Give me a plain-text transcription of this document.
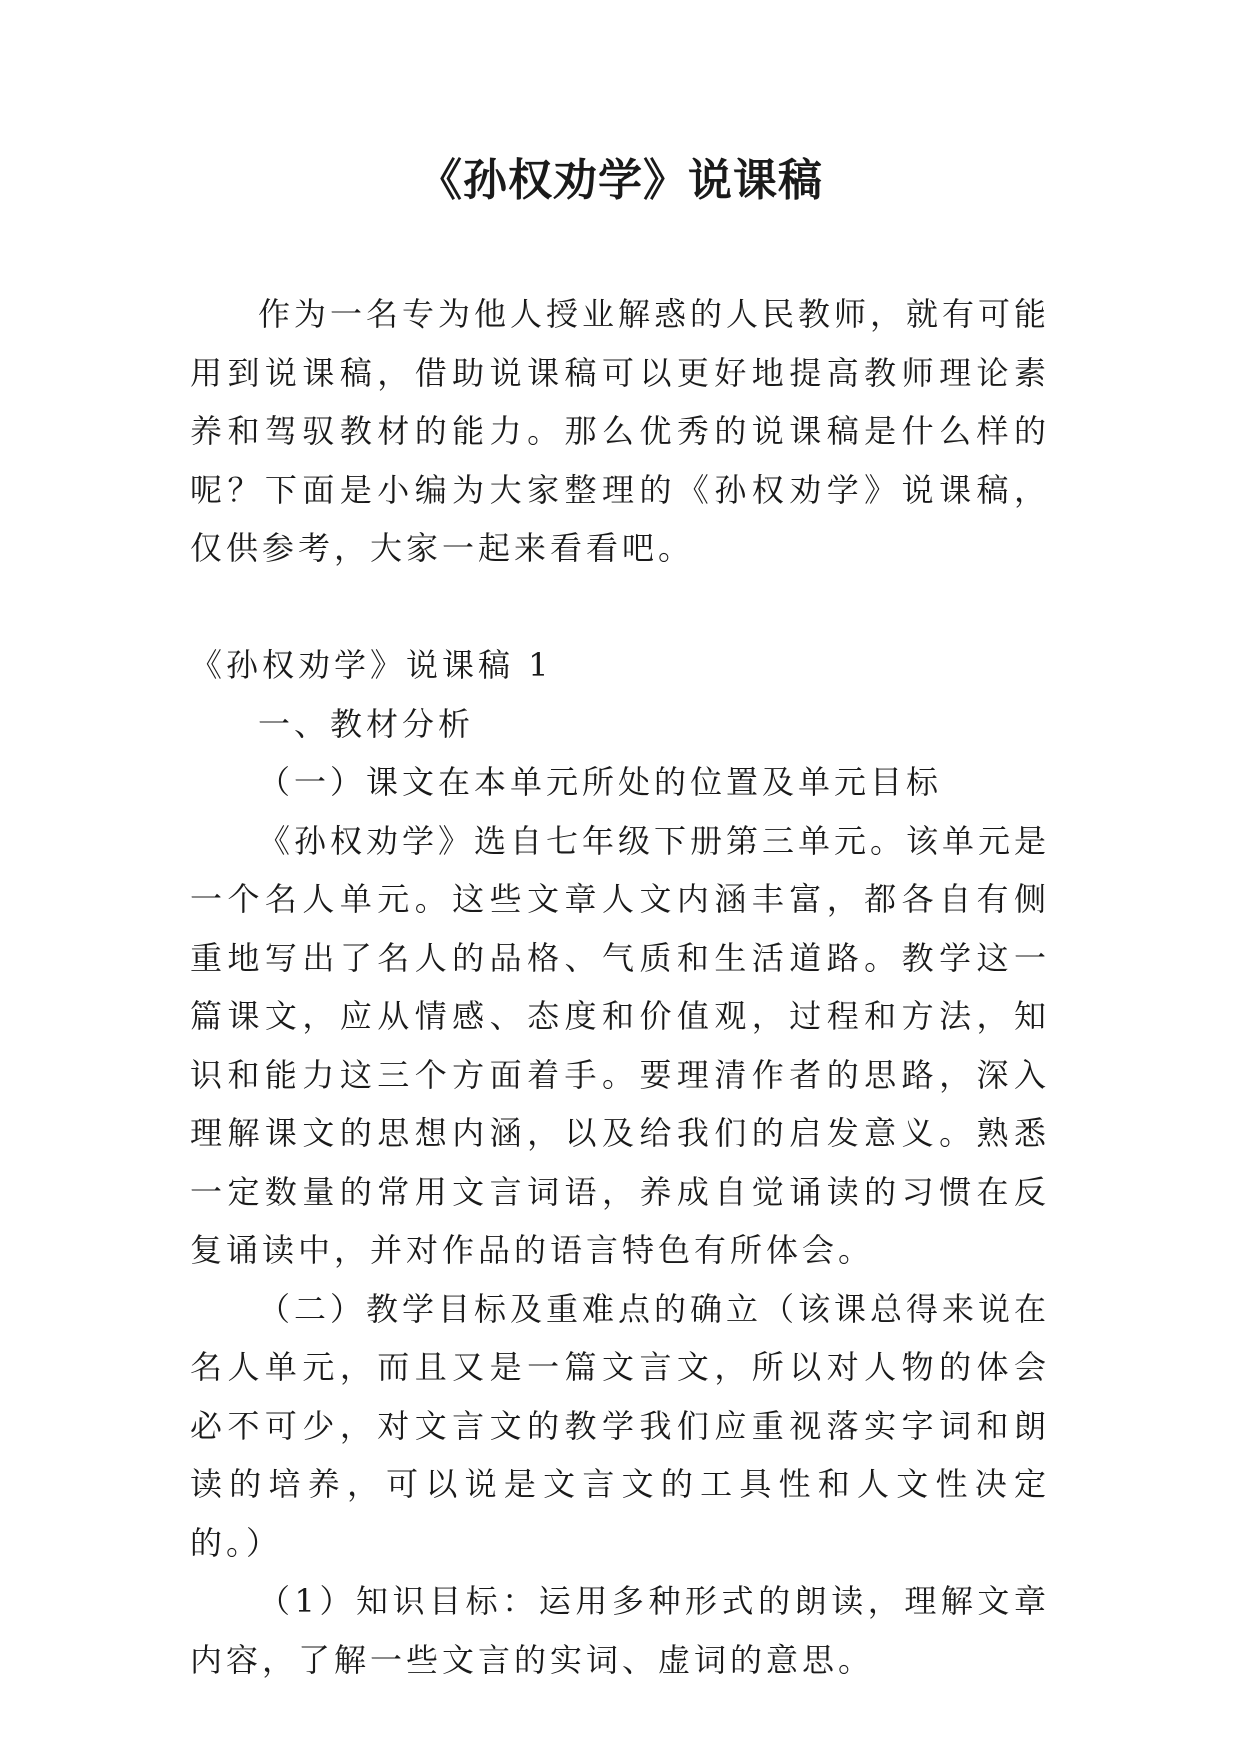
《孙权劝学》说课稿

作为一名专为他人授业解惑的人民教师，就有可能用到说课稿，借助说课稿可以更好地提高教师理论素养和驾驭教材的能力。那么优秀的说课稿是什么样的呢？下面是小编为大家整理的《孙权劝学》说课稿，仅供参考，大家一起来看看吧。

《孙权劝学》说课稿 1

一、教材分析

（一）课文在本单元所处的位置及单元目标

《孙权劝学》选自七年级下册第三单元。该单元是一个名人单元。这些文章人文内涵丰富，都各自有侧重地写出了名人的品格、气质和生活道路。教学这一篇课文，应从情感、态度和价值观，过程和方法，知识和能力这三个方面着手。要理清作者的思路，深入理解课文的思想内涵，以及给我们的启发意义。熟悉一定数量的常用文言词语，养成自觉诵读的习惯在反复诵读中，并对作品的语言特色有所体会。

（二）教学目标及重难点的确立（该课总得来说在名人单元，而且又是一篇文言文，所以对人物的体会必不可少，对文言文的教学我们应重视落实字词和朗读的培养，可以说是文言文的工具性和人文性决定的。）

（1）知识目标：运用多种形式的朗读，理解文章内容，了解一些文言的实词、虚词的意思。
